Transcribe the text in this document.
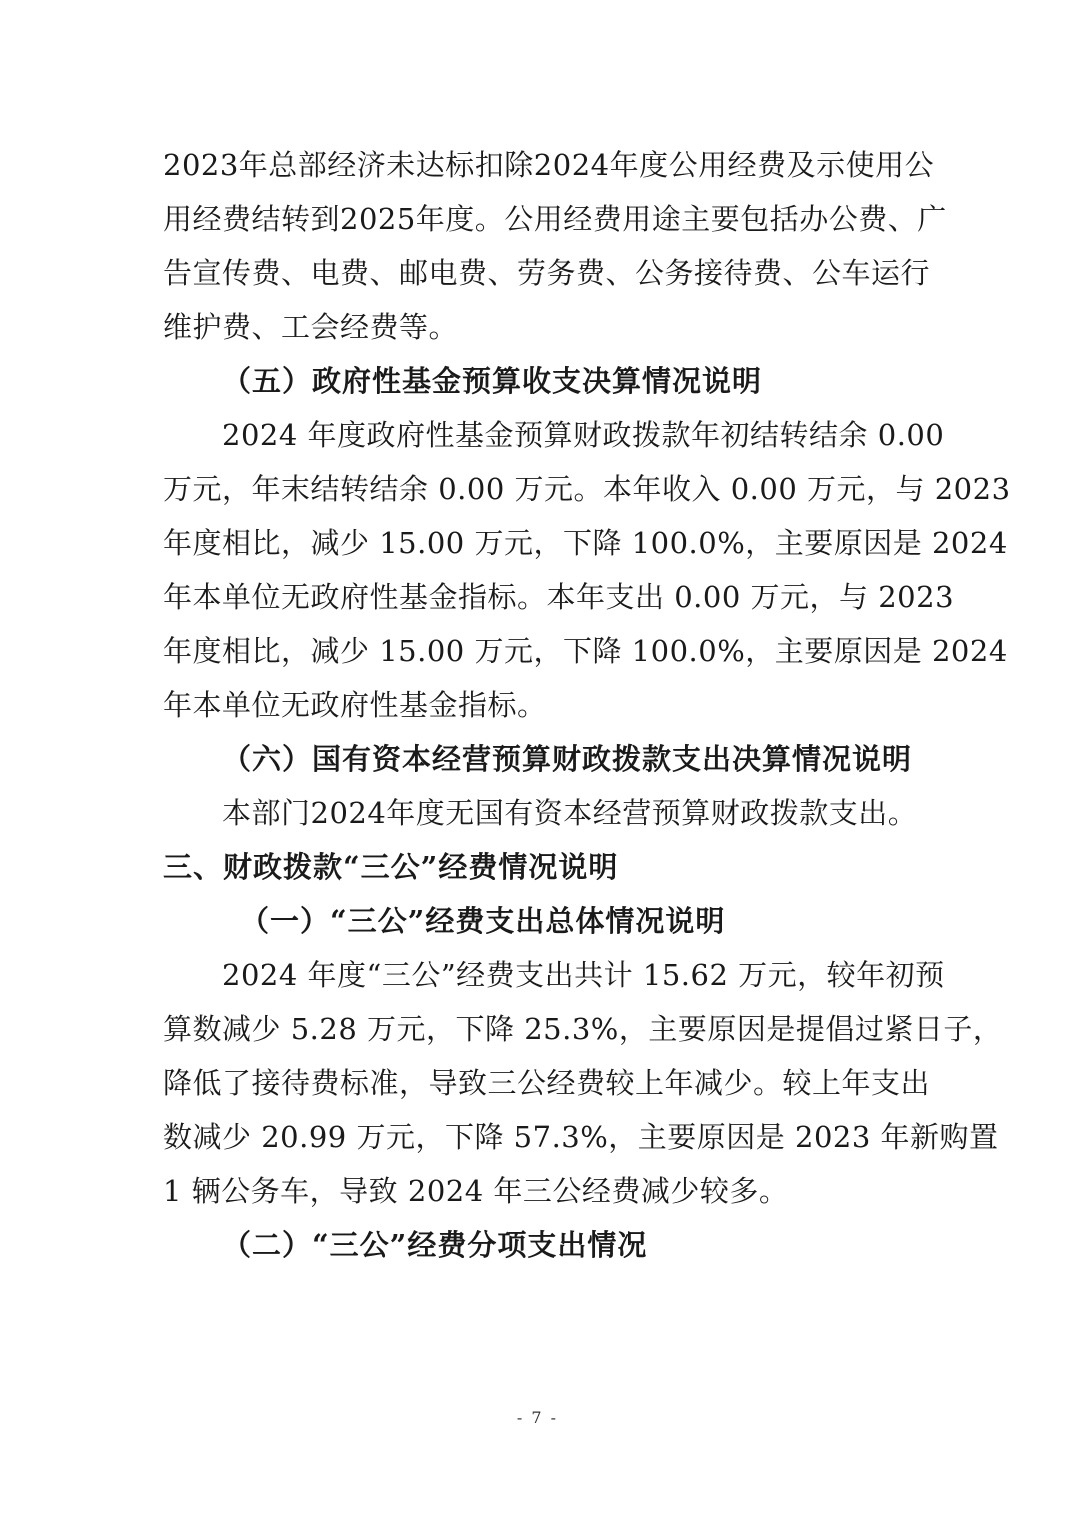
2023年总部经济未达标扣除2024年度公用经费及示使用公
用经费结转到2025年度。公用经费用途主要包括办公费、广
告宣传费、电费、邮电费、劳务费、公务接待费、公车运行
维护费、工会经费等。
（五）政府性基金预算收支决算情况说明
2024 年度政府性基金预算财政拨款年初结转结余 0.00
万元，年末结转结余 0.00 万元。本年收入 0.00 万元，与 2023
年度相比，减少 15.00 万元，下降 100.0%，主要原因是 2024
年本单位无政府性基金指标。本年支出 0.00 万元，与 2023
年度相比，减少 15.00 万元，下降 100.0%，主要原因是 2024
年本单位无政府性基金指标。
（六）国有资本经营预算财政拨款支出决算情况说明
本部门2024年度无国有资本经营预算财政拨款支出。
三、财政拨款“三公”经费情况说明
（一）“三公”经费支出总体情况说明
2024 年度“三公”经费支出共计 15.62 万元，较年初预
算数减少 5.28 万元，下降 25.3%，主要原因是提倡过紧日子，
降低了接待费标准，导致三公经费较上年减少。较上年支出
数减少 20.99 万元，下降 57.3%，主要原因是 2023 年新购置
1 辆公务车，导致 2024 年三公经费减少较多。
（二）“三公”经费分项支出情况
- 7 -
